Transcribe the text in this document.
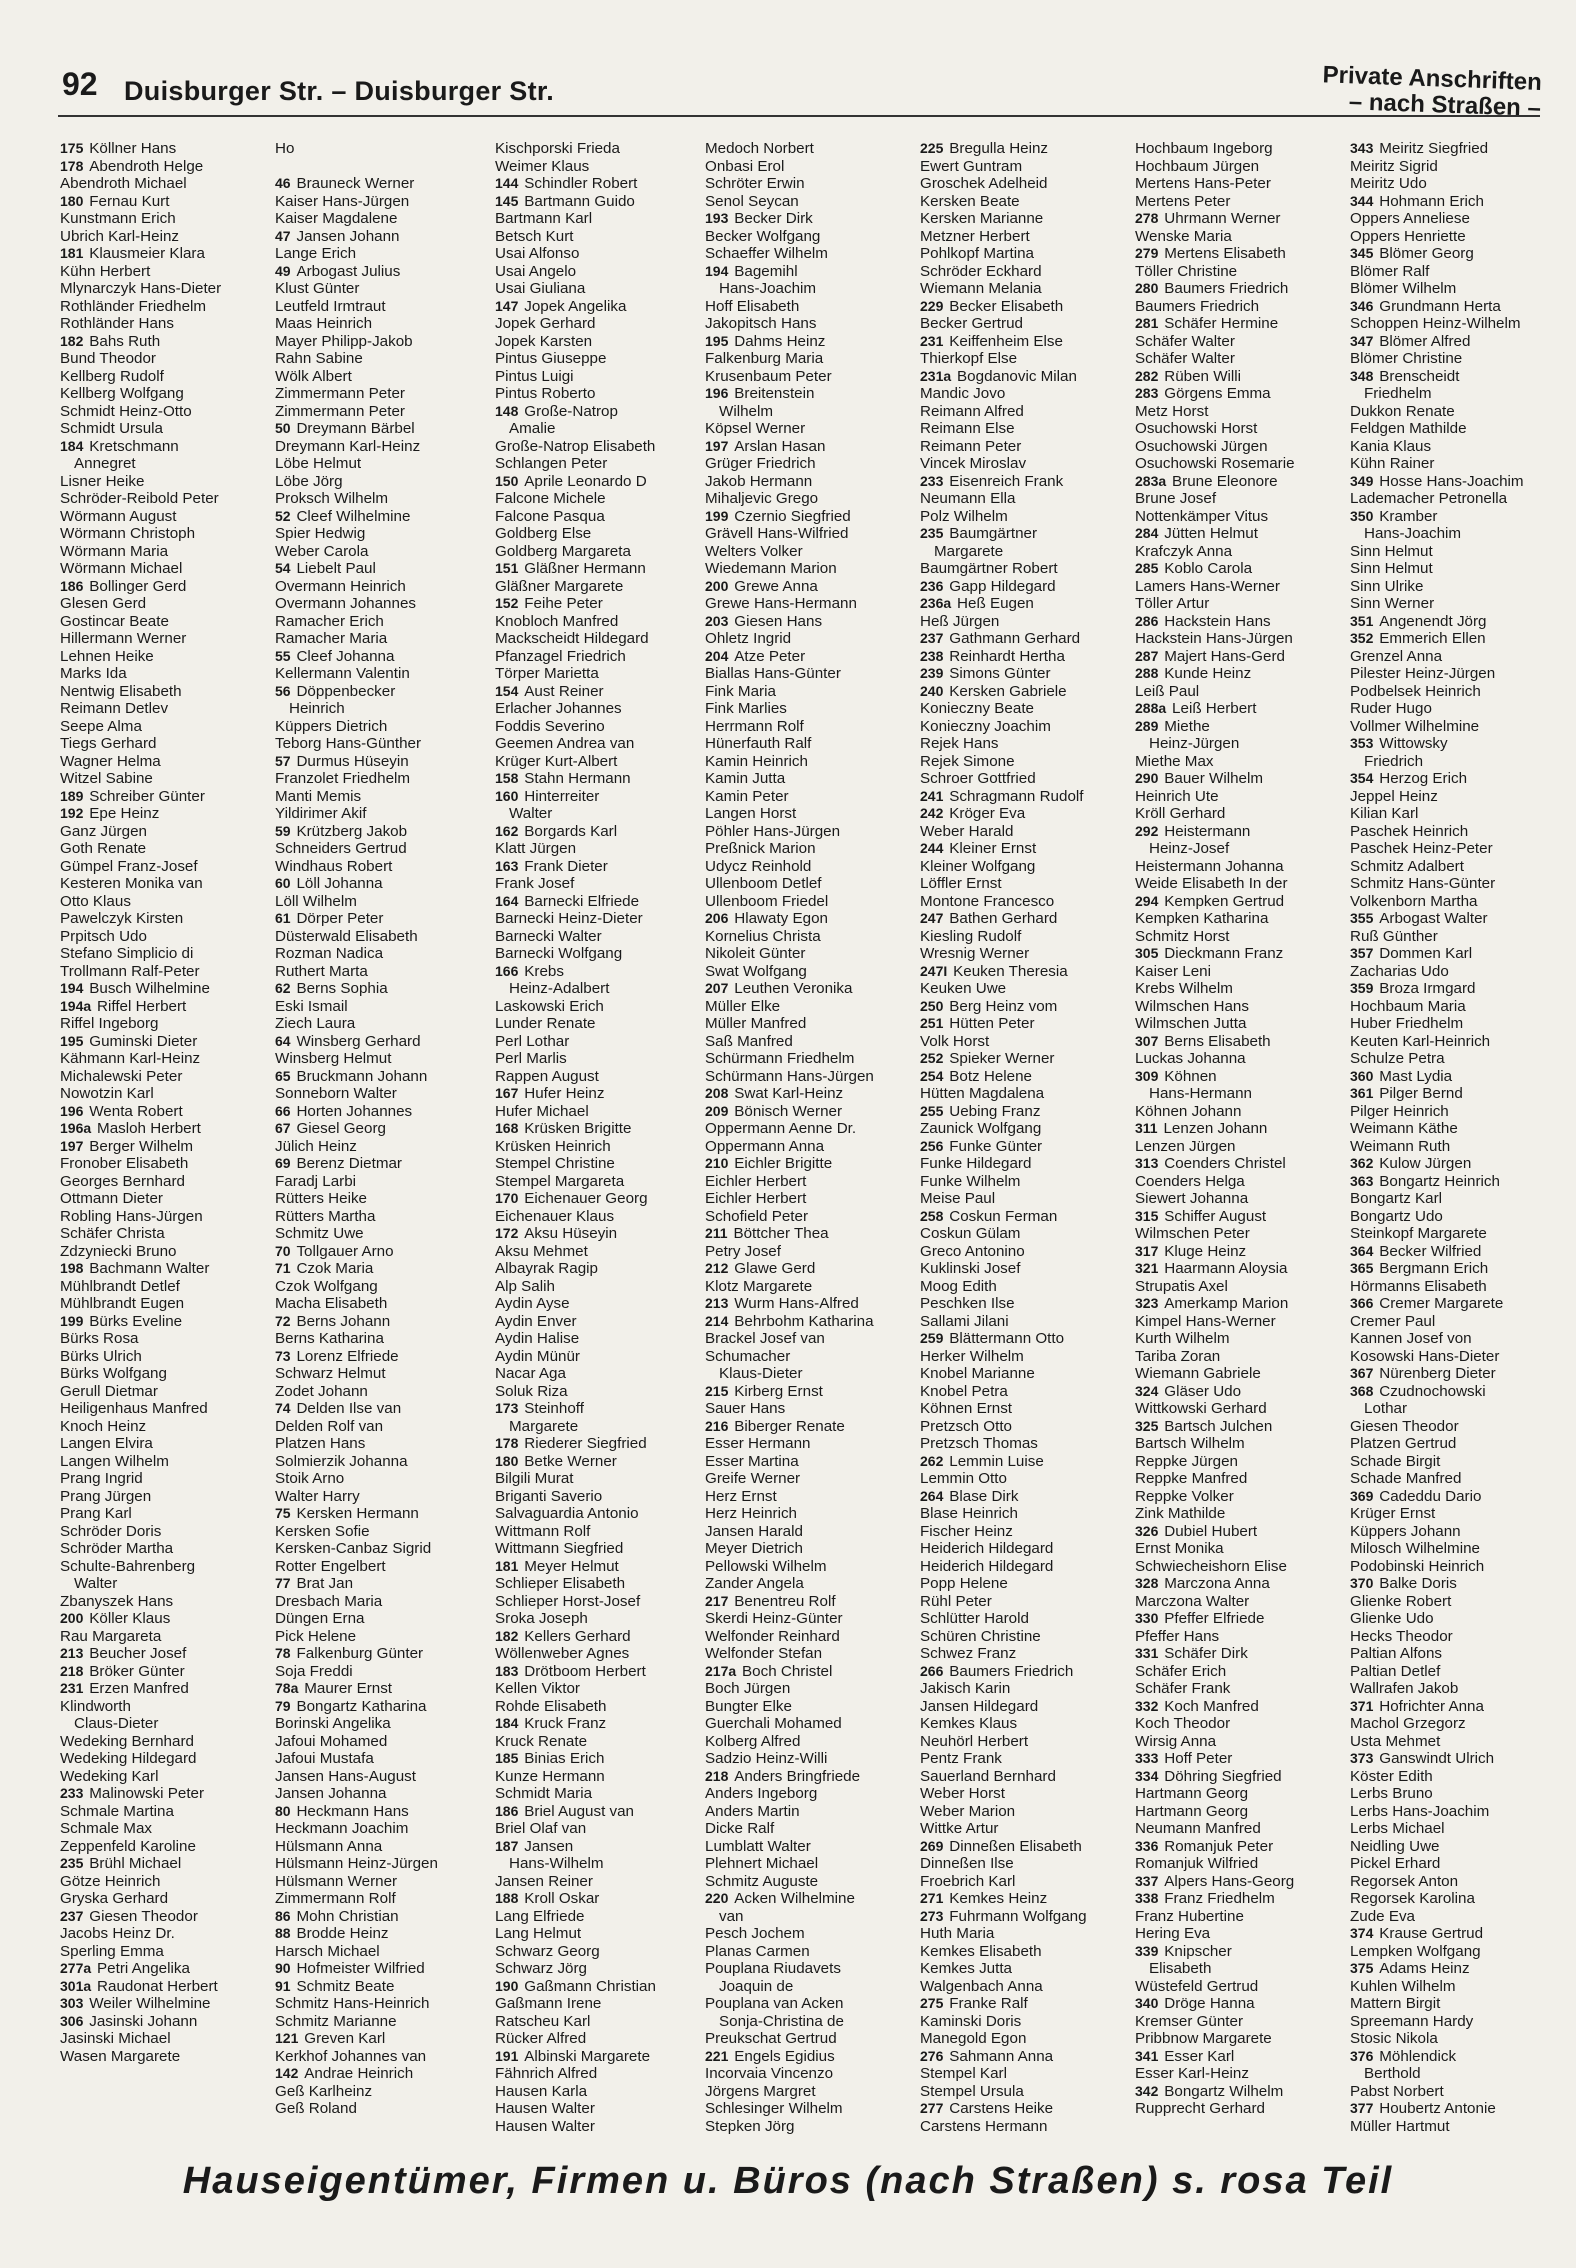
92 Duisburger Str. – Duisburger Str.	Private Anschriften
– nach Straßen –
175 Köllner Hans
178 Abendroth Helge
Abendroth Michael
180 Fernau Kurt
Kunstmann Erich
Ubrich Karl-Heinz
181 Klausmeier Klara
Kühn Herbert
Mlynarczyk Hans-Dieter
Rothländer Friedhelm
Rothländer Hans
182 Bahs Ruth
Bund Theodor
Kellberg Rudolf
Kellberg Wolfgang
Schmidt Heinz-Otto
Schmidt Ursula
184 Kretschmann
Annegret
Lisner Heike
Schröder-Reibold Peter
Wörmann August
Wörmann Christoph
Wörmann Maria
Wörmann Michael
186 Bollinger Gerd
Glesen Gerd
Gostincar Beate
Hillermann Werner
Lehnen Heike
Marks Ida
Nentwig Elisabeth
Reimann Detlev
Seepe Alma
Tiegs Gerhard
Wagner Helma
Witzel Sabine
189 Schreiber Günter
192 Epe Heinz
Ganz Jürgen
Goth Renate
Gümpel Franz-Josef
Kesteren Monika van
Otto Klaus
Pawelczyk Kirsten
Prpitsch Udo
Stefano Simplicio di
Trollmann Ralf-Peter
194 Busch Wilhelmine
194a Riffel Herbert
Riffel Ingeborg
195 Guminski Dieter
Kähmann Karl-Heinz
Michalewski Peter
Nowotzin Karl
196 Wenta Robert
196a Masloh Herbert
197 Berger Wilhelm
Fronober Elisabeth
Georges Bernhard
Ottmann Dieter
Robling Hans-Jürgen
Schäfer Christa
Zdzyniecki Bruno
198 Bachmann Walter
Mühlbrandt Detlef
Mühlbrandt Eugen
199 Bürks Eveline
Bürks Rosa
Bürks Ulrich
Bürks Wolfgang
Gerull Dietmar
Heiligenhaus Manfred
Knoch Heinz
Langen Elvira
Langen Wilhelm
Prang Ingrid
Prang Jürgen
Prang Karl
Schröder Doris
Schröder Martha
Schulte-Bahrenberg
Walter
Zbanyszek Hans
200 Köller Klaus
Rau Margareta
213 Beucher Josef
218 Bröker Günter
231 Erzen Manfred
Klindworth
Claus-Dieter
Wedeking Bernhard
Wedeking Hildegard
Wedeking Karl
233 Malinowski Peter
Schmale Martina
Schmale Max
Zeppenfeld Karoline
235 Brühl Michael
Götze Heinrich
Gryska Gerhard
237 Giesen Theodor
Jacobs Heinz Dr.
Sperling Emma
277a Petri Angelika
301a Raudonat Herbert
303 Weiler Wilhelmine
306 Jasinski Johann
Jasinski Michael
Wasen Margarete
Ho
46 Brauneck Werner
Kaiser Hans-Jürgen
Kaiser Magdalene
47 Jansen Johann
Lange Erich
49 Arbogast Julius
Klust Günter
Leutfeld Irmtraut
Maas Heinrich
Mayer Philipp-Jakob
Rahn Sabine
Wölk Albert
Zimmermann Peter
Zimmermann Peter
50 Dreymann Bärbel
Dreymann Karl-Heinz
Löbe Helmut
Löbe Jörg
Proksch Wilhelm
52 Cleef Wilhelmine
Spier Hedwig
Weber Carola
54 Liebelt Paul
Overmann Heinrich
Overmann Johannes
Ramacher Erich
Ramacher Maria
55 Cleef Johanna
Kellermann Valentin
56 Döppenbecker
Heinrich
Küppers Dietrich
Teborg Hans-Günther
57 Durmus Hüseyin
Franzolet Friedhelm
Manti Memis
Yildirimer Akif
59 Krützberg Jakob
Schneiders Gertrud
Windhaus Robert
60 Löll Johanna
Löll Wilhelm
61 Dörper Peter
Düsterwald Elisabeth
Rozman Nadica
Ruthert Marta
62 Berns Sophia
Eski Ismail
Ziech Laura
64 Winsberg Gerhard
Winsberg Helmut
65 Bruckmann Johann
Sonneborn Walter
66 Horten Johannes
67 Giesel Georg
Jülich Heinz
69 Berenz Dietmar
Faradj Larbi
Rütters Heike
Rütters Martha
Schmitz Uwe
70 Tollgauer Arno
71 Czok Maria
Czok Wolfgang
Macha Elisabeth
72 Berns Johann
Berns Katharina
73 Lorenz Elfriede
Schwarz Helmut
Zodet Johann
74 Delden Ilse van
Delden Rolf van
Platzen Hans
Solmierzik Johanna
Stoik Arno
Walter Harry
75 Kersken Hermann
Kersken Sofie
Kersken-Canbaz Sigrid
Rotter Engelbert
77 Brat Jan
Dresbach Maria
Düngen Erna
Pick Helene
78 Falkenburg Günter
Soja Freddi
78a Maurer Ernst
79 Bongartz Katharina
Borinski Angelika
Jafoui Mohamed
Jafoui Mustafa
Jansen Hans-August
Jansen Johanna
80 Heckmann Hans
Heckmann Joachim
Hülsmann Anna
Hülsmann Heinz-Jürgen
Hülsmann Werner
Zimmermann Rolf
86 Mohn Christian
88 Brodde Heinz
Harsch Michael
90 Hofmeister Wilfried
91 Schmitz Beate
Schmitz Hans-Heinrich
Schmitz Marianne
121 Greven Karl
Kerkhof Johannes van
142 Andrae Heinrich
Geß Karlheinz
Geß Roland
Kischporski Frieda
Weimer Klaus
144 Schindler Robert
145 Bartmann Guido
Bartmann Karl
Betsch Kurt
Usai Alfonso
Usai Angelo
Usai Giuliana
147 Jopek Angelika
Jopek Gerhard
Jopek Karsten
Pintus Giuseppe
Pintus Luigi
Pintus Roberto
148 Große-Natrop
Amalie
Große-Natrop Elisabeth
Schlangen Peter
150 Aprile Leonardo D
Falcone Michele
Falcone Pasqua
Goldberg Else
Goldberg Margareta
151 Gläßner Hermann
Gläßner Margarete
152 Feihe Peter
Knobloch Manfred
Mackscheidt Hildegard
Pfanzagel Friedrich
Törper Marietta
154 Aust Reiner
Erlacher Johannes
Foddis Severino
Geemen Andrea van
Krüger Kurt-Albert
158 Stahn Hermann
160 Hinterreiter
Walter
162 Borgards Karl
Klatt Jürgen
163 Frank Dieter
Frank Josef
164 Barnecki Elfriede
Barnecki Heinz-Dieter
Barnecki Walter
Barnecki Wolfgang
166 Krebs
Heinz-Adalbert
Laskowski Erich
Lunder Renate
Perl Lothar
Perl Marlis
Rappen August
167 Hufer Heinz
Hufer Michael
168 Krüsken Brigitte
Krüsken Heinrich
Stempel Christine
Stempel Margareta
170 Eichenauer Georg
Eichenauer Klaus
172 Aksu Hüseyin
Aksu Mehmet
Albayrak Ragip
Alp Salih
Aydin Ayse
Aydin Enver
Aydin Halise
Aydin Münür
Nacar Aga
Soluk Riza
173 Steinhoff
Margarete
178 Riederer Siegfried
180 Betke Werner
Bilgili Murat
Briganti Saverio
Salvaguardia Antonio
Wittmann Rolf
Wittmann Siegfried
181 Meyer Helmut
Schlieper Elisabeth
Schlieper Horst-Josef
Sroka Joseph
182 Kellers Gerhard
Wöllenweber Agnes
183 Drötboom Herbert
Kellen Viktor
Rohde Elisabeth
184 Kruck Franz
Kruck Renate
185 Binias Erich
Kunze Hermann
Schmidt Maria
186 Briel August van
Briel Olaf van
187 Jansen
Hans-Wilhelm
Jansen Reiner
188 Kroll Oskar
Lang Elfriede
Lang Helmut
Schwarz Georg
Schwarz Jörg
190 Gaßmann Christian
Gaßmann Irene
Ratscheu Karl
Rücker Alfred
191 Albinski Margarete
Fähnrich Alfred
Hausen Karla
Hausen Walter
Hausen Walter
Medoch Norbert
Onbasi Erol
Schröter Erwin
Senol Seycan
193 Becker Dirk
Becker Wolfgang
Schaeffer Wilhelm
194 Bagemihl
Hans-Joachim
Hoff Elisabeth
Jakopitsch Hans
195 Dahms Heinz
Falkenburg Maria
Krusenbaum Peter
196 Breitenstein
Wilhelm
Köpsel Werner
197 Arslan Hasan
Grüger Friedrich
Jakob Hermann
Mihaljevic Grego
199 Czernio Siegfried
Grävell Hans-Wilfried
Welters Volker
Wiedemann Marion
200 Grewe Anna
Grewe Hans-Hermann
203 Giesen Hans
Ohletz Ingrid
204 Atze Peter
Biallas Hans-Günter
Fink Maria
Fink Marlies
Herrmann Rolf
Hünerfauth Ralf
Kamin Heinrich
Kamin Jutta
Kamin Peter
Langen Horst
Pöhler Hans-Jürgen
Preßnick Marion
Udycz Reinhold
Ullenboom Detlef
Ullenboom Friedel
206 Hlawaty Egon
Kornelius Christa
Nikoleit Günter
Swat Wolfgang
207 Leuthen Veronika
Müller Elke
Müller Manfred
Saß Manfred
Schürmann Friedhelm
Schürmann Hans-Jürgen
208 Swat Karl-Heinz
209 Bönisch Werner
Oppermann Aenne Dr.
Oppermann Anna
210 Eichler Brigitte
Eichler Herbert
Eichler Herbert
Schofield Peter
211 Böttcher Thea
Petry Josef
212 Glawe Gerd
Klotz Margarete
213 Wurm Hans-Alfred
214 Behrbohm Katharina
Brackel Josef van
Schumacher
Klaus-Dieter
215 Kirberg Ernst
Sauer Hans
216 Biberger Renate
Esser Hermann
Esser Martina
Greife Werner
Herz Ernst
Herz Heinrich
Jansen Harald
Meyer Dietrich
Pellowski Wilhelm
Zander Angela
217 Benentreu Rolf
Skerdi Heinz-Günter
Welfonder Reinhard
Welfonder Stefan
217a Boch Christel
Boch Jürgen
Bungter Elke
Guerchali Mohamed
Kolberg Alfred
Sadzio Heinz-Willi
218 Anders Bringfriede
Anders Ingeborg
Anders Martin
Dicke Ralf
Lumblatt Walter
Plehnert Michael
Schmitz Auguste
220 Acken Wilhelmine
van
Pesch Jochem
Planas Carmen
Pouplana Riudavets
Joaquin de
Pouplana van Acken
Sonja-Christina de
Preukschat Gertrud
221 Engels Egidius
Incorvaia Vincenzo
Jörgens Margret
Schlesinger Wilhelm
Stepken Jörg
225 Bregulla Heinz
Ewert Guntram
Groschek Adelheid
Kersken Beate
Kersken Marianne
Metzner Herbert
Pohlkopf Martina
Schröder Eckhard
Wiemann Melania
229 Becker Elisabeth
Becker Gertrud
231 Keiffenheim Else
Thierkopf Else
231a Bogdanovic Milan
Mandic Jovo
Reimann Alfred
Reimann Else
Reimann Peter
Vincek Miroslav
233 Eisenreich Frank
Neumann Ella
Polz Wilhelm
235 Baumgärtner
Margarete
Baumgärtner Robert
236 Gapp Hildegard
236a Heß Eugen
Heß Jürgen
237 Gathmann Gerhard
238 Reinhardt Hertha
239 Simons Günter
240 Kersken Gabriele
Konieczny Beate
Konieczny Joachim
Rejek Hans
Rejek Simone
Schroer Gottfried
241 Schragmann Rudolf
242 Kröger Eva
Weber Harald
244 Kleiner Ernst
Kleiner Wolfgang
Löffler Ernst
Montone Francesco
247 Bathen Gerhard
Kiesling Rudolf
Wresnig Werner
247I Keuken Theresia
Keuken Uwe
250 Berg Heinz vom
251 Hütten Peter
Volk Horst
252 Spieker Werner
254 Botz Helene
Hütten Magdalena
255 Uebing Franz
Zaunick Wolfgang
256 Funke Günter
Funke Hildegard
Funke Wilhelm
Meise Paul
258 Coskun Ferman
Coskun Gülam
Greco Antonino
Kuklinski Josef
Moog Edith
Peschken Ilse
Sallami Jilani
259 Blättermann Otto
Herker Wilhelm
Knobel Marianne
Knobel Petra
Köhnen Ernst
Pretzsch Otto
Pretzsch Thomas
262 Lemmin Luise
Lemmin Otto
264 Blase Dirk
Blase Heinrich
Fischer Heinz
Heiderich Hildegard
Heiderich Hildegard
Popp Helene
Rühl Peter
Schlütter Harold
Schüren Christine
Schwez Franz
266 Baumers Friedrich
Jakisch Karin
Jansen Hildegard
Kemkes Klaus
Neuhörl Herbert
Pentz Frank
Sauerland Bernhard
Weber Horst
Weber Marion
Wittke Artur
269 Dinneßen Elisabeth
Dinneßen Ilse
Froebrich Karl
271 Kemkes Heinz
273 Fuhrmann Wolfgang
Huth Maria
Kemkes Elisabeth
Kemkes Jutta
Walgenbach Anna
275 Franke Ralf
Kaminski Doris
Manegold Egon
276 Sahmann Anna
Stempel Karl
Stempel Ursula
277 Carstens Heike
Carstens Hermann
Hochbaum Ingeborg
Hochbaum Jürgen
Mertens Hans-Peter
Mertens Peter
278 Uhrmann Werner
Wenske Maria
279 Mertens Elisabeth
Töller Christine
280 Baumers Friedrich
Baumers Friedrich
281 Schäfer Hermine
Schäfer Walter
Schäfer Walter
282 Rüben Willi
283 Görgens Emma
Metz Horst
Osuchowski Horst
Osuchowski Jürgen
Osuchowski Rosemarie
283a Brune Eleonore
Brune Josef
Nottenkämper Vitus
284 Jütten Helmut
Krafczyk Anna
285 Koblo Carola
Lamers Hans-Werner
Töller Artur
286 Hackstein Hans
Hackstein Hans-Jürgen
287 Majert Hans-Gerd
288 Kunde Heinz
Leiß Paul
288a Leiß Herbert
289 Miethe
Heinz-Jürgen
Miethe Max
290 Bauer Wilhelm
Heinrich Ute
Kröll Gerhard
292 Heistermann
Heinz-Josef
Heistermann Johanna
Weide Elisabeth In der
294 Kempken Gertrud
Kempken Katharina
Schmitz Horst
305 Dieckmann Franz
Kaiser Leni
Krebs Wilhelm
Wilmschen Hans
Wilmschen Jutta
307 Berns Elisabeth
Luckas Johanna
309 Köhnen
Hans-Hermann
Köhnen Johann
311 Lenzen Johann
Lenzen Jürgen
313 Coenders Christel
Coenders Helga
Siewert Johanna
315 Schiffer August
Wilmschen Peter
317 Kluge Heinz
321 Haarmann Aloysia
Strupatis Axel
323 Amerkamp Marion
Kimpel Hans-Werner
Kurth Wilhelm
Tariba Zoran
Wiemann Gabriele
324 Gläser Udo
Wittkowski Gerhard
325 Bartsch Julchen
Bartsch Wilhelm
Reppke Jürgen
Reppke Manfred
Reppke Volker
Zink Mathilde
326 Dubiel Hubert
Ernst Monika
Schwiecheishorn Elise
328 Marczona Anna
Marczona Walter
330 Pfeffer Elfriede
Pfeffer Hans
331 Schäfer Dirk
Schäfer Erich
Schäfer Frank
332 Koch Manfred
Koch Theodor
Wirsig Anna
333 Hoff Peter
334 Döhring Siegfried
Hartmann Georg
Hartmann Georg
Neumann Manfred
336 Romanjuk Peter
Romanjuk Wilfried
337 Alpers Hans-Georg
338 Franz Friedhelm
Franz Hubertine
Hering Eva
339 Knipscher
Elisabeth
Wüstefeld Gertrud
340 Dröge Hanna
Kremser Günter
Pribbnow Margarete
341 Esser Karl
Esser Karl-Heinz
342 Bongartz Wilhelm
Rupprecht Gerhard
343 Meiritz Siegfried
Meiritz Sigrid
Meiritz Udo
344 Hohmann Erich
Oppers Anneliese
Oppers Henriette
345 Blömer Georg
Blömer Ralf
Blömer Wilhelm
346 Grundmann Herta
Schoppen Heinz-Wilhelm
347 Blömer Alfred
Blömer Christine
348 Brenscheidt
Friedhelm
Dukkon Renate
Feldgen Mathilde
Kania Klaus
Kühn Rainer
349 Hosse Hans-Joachim
Lademacher Petronella
350 Kramber
Hans-Joachim
Sinn Helmut
Sinn Helmut
Sinn Ulrike
Sinn Werner
351 Angenendt Jörg
352 Emmerich Ellen
Grenzel Anna
Pilester Heinz-Jürgen
Podbelsek Heinrich
Ruder Hugo
Vollmer Wilhelmine
353 Wittowsky
Friedrich
354 Herzog Erich
Jeppel Heinz
Kilian Karl
Paschek Heinrich
Paschek Heinz-Peter
Schmitz Adalbert
Schmitz Hans-Günter
Volkenborn Martha
355 Arbogast Walter
Ruß Günther
357 Dommen Karl
Zacharias Udo
359 Broza Irmgard
Hochbaum Maria
Huber Friedhelm
Keuten Karl-Heinrich
Schulze Petra
360 Mast Lydia
361 Pilger Bernd
Pilger Heinrich
Weimann Käthe
Weimann Ruth
362 Kulow Jürgen
363 Bongartz Heinrich
Bongartz Karl
Bongartz Udo
Steinkopf Margarete
364 Becker Wilfried
365 Bergmann Erich
Hörmanns Elisabeth
366 Cremer Margarete
Cremer Paul
Kannen Josef von
Kosowski Hans-Dieter
367 Nürenberg Dieter
368 Czudnochowski
Lothar
Giesen Theodor
Platzen Gertrud
Schade Birgit
Schade Manfred
369 Cadeddu Dario
Krüger Ernst
Küppers Johann
Milosch Wilhelmine
Podobinski Heinrich
370 Balke Doris
Glienke Robert
Glienke Udo
Hecks Theodor
Paltian Alfons
Paltian Detlef
Wallrafen Jakob
371 Hofrichter Anna
Machol Grzegorz
Usta Mehmet
373 Ganswindt Ulrich
Köster Edith
Lerbs Bruno
Lerbs Hans-Joachim
Lerbs Michael
Neidling Uwe
Pickel Erhard
Regorsek Anton
Regorsek Karolina
Zude Eva
374 Krause Gertrud
Lempken Wolfgang
375 Adams Heinz
Kuhlen Wilhelm
Mattern Birgit
Spreemann Hardy
Stosic Nikola
376 Möhlendick
Berthold
Pabst Norbert
377 Houbertz Antonie
Müller Hartmut
Hauseigentümer, Firmen u. Büros (nach Straßen) s. rosa Teil
